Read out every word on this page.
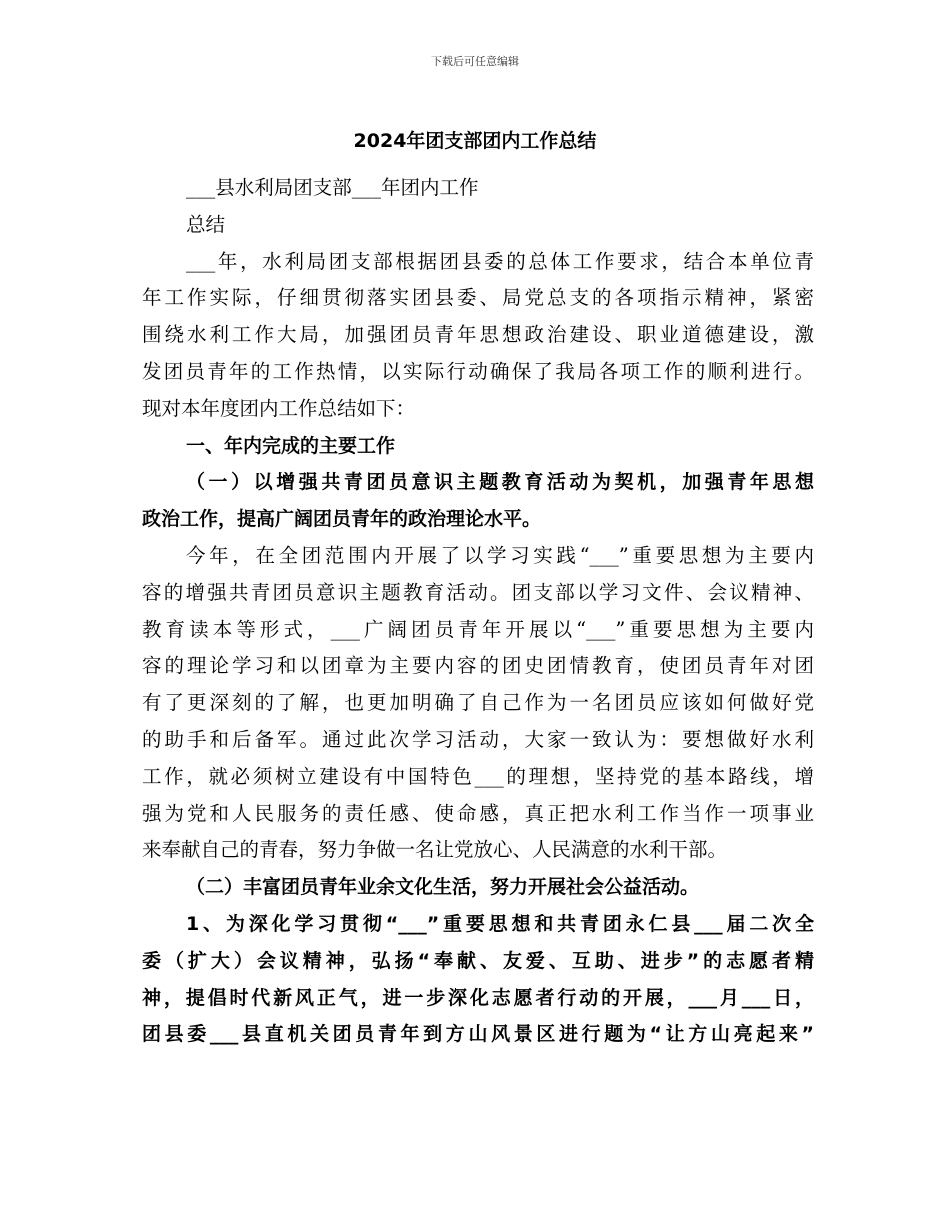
下载后可任意编辑
2024年团支部团内工作总结
___县水利局团支部___年团内工作
总结
___年，水利局团支部根据团县委的总体工作要求，结合本单位青
年工作实际，仔细贯彻落实团县委、局党总支的各项指示精神，紧密
围绕水利工作大局，加强团员青年思想政治建设、职业道德建设，激
发团员青年的工作热情，以实际行动确保了我局各项工作的顺利进行。
现对本年度团内工作总结如下：
一、年内完成的主要工作
（一）以增强共青团员意识主题教育活动为契机，加强青年思想
政治工作，提高广阔团员青年的政治理论水平。
今年，在全团范围内开展了以学习实践“___”重要思想为主要内
容的增强共青团员意识主题教育活动。团支部以学习文件、会议精神、
教育读本等形式，___广阔团员青年开展以“___”重要思想为主要内
容的理论学习和以团章为主要内容的团史团情教育，使团员青年对团
有了更深刻的了解，也更加明确了自己作为一名团员应该如何做好党
的助手和后备军。通过此次学习活动，大家一致认为：要想做好水利
工作，就必须树立建设有中国特色___的理想，坚持党的基本路线，增
强为党和人民服务的责任感、使命感，真正把水利工作当作一项事业
来奉献自己的青春，努力争做一名让党放心、人民满意的水利干部。
（二）丰富团员青年业余文化生活，努力开展社会公益活动。
1、为深化学习贯彻“___”重要思想和共青团永仁县___届二次全
委（扩大）会议精神，弘扬“奉献、友爱、互助、进步”的志愿者精
神，提倡时代新风正气，进一步深化志愿者行动的开展，___月___日，
团县委___县直机关团员青年到方山风景区进行题为“让方山亮起来”
